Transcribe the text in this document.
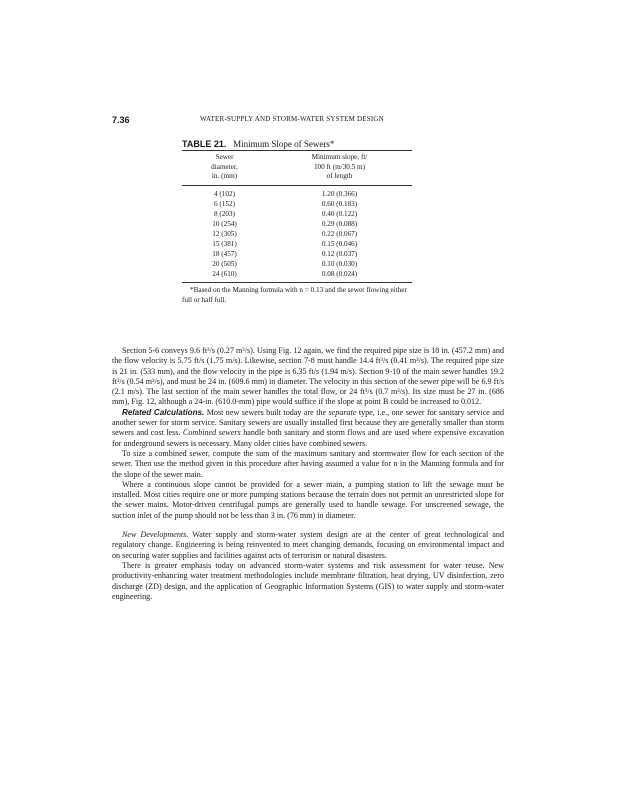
7.36	WATER-SUPPLY AND STORM-WATER SYSTEM DESIGN
TABLE 21. Minimum Slope of Sewers*
Sewer
diameter,
in. (mm)	Minimum slope, ft/
100 ft (m/30.5 m)
of length
4 (102)	1.20 (0.366)
6 (152)	0.60 (0.183)
8 (203)	0.40 (0.122)
10 (254)	0.29 (0.088)
12 (305)	0.22 (0.067)
15 (381)	0.15 (0.046)
18 (457)	0.12 (0.037)
20 (505)	0.10 (0.030)
24 (610)	0.08 (0.024)
*Based on the Manning formula with n = 0.13 and the sewer flowing either full or half full.

Section 5-6 conveys 9.6 ft³/s (0.27 m³/s). Using Fig. 12 again, we find the required pipe size is 18 in. (457.2 mm) and the flow velocity is 5.75 ft/s (1.75 m/s). Likewise, section 7-8 must handle 14.4 ft³/s (0.41 m³/s). The required pipe size is 21 in. (533 mm), and the flow velocity in the pipe is 6.35 ft/s (1.94 m/s). Section 9-10 of the main sewer handles 19.2 ft³/s (0.54 m³/s), and must be 24 in. (609.6 mm) in diameter. The velocity in this section of the sewer pipe will be 6.9 ft/s (2.1 m/s). The last section of the main sewer handles the total flow, or 24 ft³/s (0.7 m³/s). Its size must be 27 in. (686 mm), Fig. 12, although a 24-in. (610.0-mm) pipe would suffice if the slope at point B could be increased to 0.012.

Related Calculations. Most new sewers built today are the separate type, i.e., one sewer for sanitary service and another sewer for storm service. Sanitary sewers are usually installed first because they are generally smaller than storm sewers and cost less. Combined sewers handle both sanitary and storm flows and are used where expensive excavation for underground sewers is necessary. Many older cities have combined sewers.

To size a combined sewer, compute the sum of the maximum sanitary and stormwater flow for each section of the sewer. Then use the method given in this procedure after having assumed a value for n in the Manning formula and for the slope of the sewer main.

Where a continuous slope cannot be provided for a sewer main, a pumping station to lift the sewage must be installed. Most cities require one or more pumping stations because the terrain does not permit an unrestricted slope for the sewer mains. Motor-driven centrifugal pumps are generally used to handle sewage. For unscreened sewage, the suction inlet of the pump should not be less than 3 in. (76 mm) in diameter.

New Developments. Water supply and storm-water system design are at the center of great technological and regulatory change. Engineering is being reinvented to meet changing demands, focusing on environmental impact and on securing water supplies and facilities against acts of terrorism or natural disasters.

There is greater emphasis today on advanced storm-water systems and risk assessment for water reuse. New productivity-enhancing water treatment methodologies include membrane filtration, heat drying, UV disinfection, zero discharge (ZD) design, and the application of Geographic Information Systems (GIS) to water supply and storm-water engineering.
